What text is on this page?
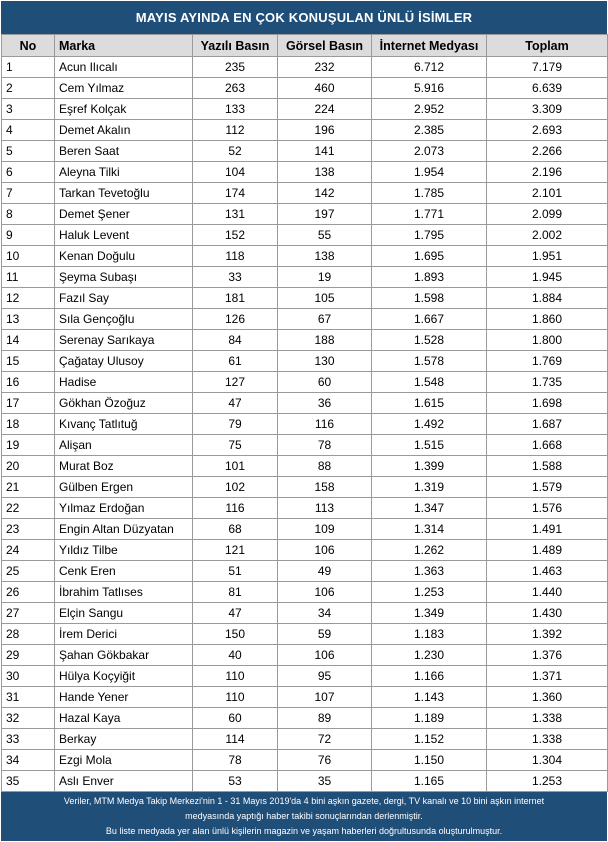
MAYIS AYINDA EN ÇOK KONUŞULAN ÜNLÜ İSİMLER
No	Marka	Yazılı Basın	Görsel Basın	İnternet Medyası	Toplam
1	Acun Ilıcalı	235	232	6.712	7.179
2	Cem Yılmaz	263	460	5.916	6.639
3	Eşref Kolçak	133	224	2.952	3.309
4	Demet Akalın	112	196	2.385	2.693
5	Beren Saat	52	141	2.073	2.266
6	Aleyna Tilki	104	138	1.954	2.196
7	Tarkan Tevetoğlu	174	142	1.785	2.101
8	Demet Şener	131	197	1.771	2.099
9	Haluk Levent	152	55	1.795	2.002
10	Kenan Doğulu	118	138	1.695	1.951
11	Şeyma Subaşı	33	19	1.893	1.945
12	Fazıl Say	181	105	1.598	1.884
13	Sıla Gençoğlu	126	67	1.667	1.860
14	Serenay Sarıkaya	84	188	1.528	1.800
15	Çağatay Ulusoy	61	130	1.578	1.769
16	Hadise	127	60	1.548	1.735
17	Gökhan Özoğuz	47	36	1.615	1.698
18	Kıvanç Tatlıtuğ	79	116	1.492	1.687
19	Alişan	75	78	1.515	1.668
20	Murat Boz	101	88	1.399	1.588
21	Gülben Ergen	102	158	1.319	1.579
22	Yılmaz Erdoğan	116	113	1.347	1.576
23	Engin Altan Düzyatan	68	109	1.314	1.491
24	Yıldız Tilbe	121	106	1.262	1.489
25	Cenk Eren	51	49	1.363	1.463
26	İbrahim Tatlıses	81	106	1.253	1.440
27	Elçin Sangu	47	34	1.349	1.430
28	İrem Derici	150	59	1.183	1.392
29	Şahan Gökbakar	40	106	1.230	1.376
30	Hülya Koçyiğit	110	95	1.166	1.371
31	Hande Yener	110	107	1.143	1.360
32	Hazal Kaya	60	89	1.189	1.338
33	Berkay	114	72	1.152	1.338
34	Ezgi Mola	78	76	1.150	1.304
35	Aslı Enver	53	35	1.165	1.253
Veriler, MTM Medya Takip Merkezi'nin 1 - 31 Mayıs 2019'da 4 bini aşkın gazete, dergi, TV kanalı ve 10 bini aşkın internet
medyasında yaptığı haber takibi sonuçlarından derlenmiştir.
Bu liste medyada yer alan ünlü kişilerin magazin ve yaşam haberleri doğrultusunda oluşturulmuştur.
